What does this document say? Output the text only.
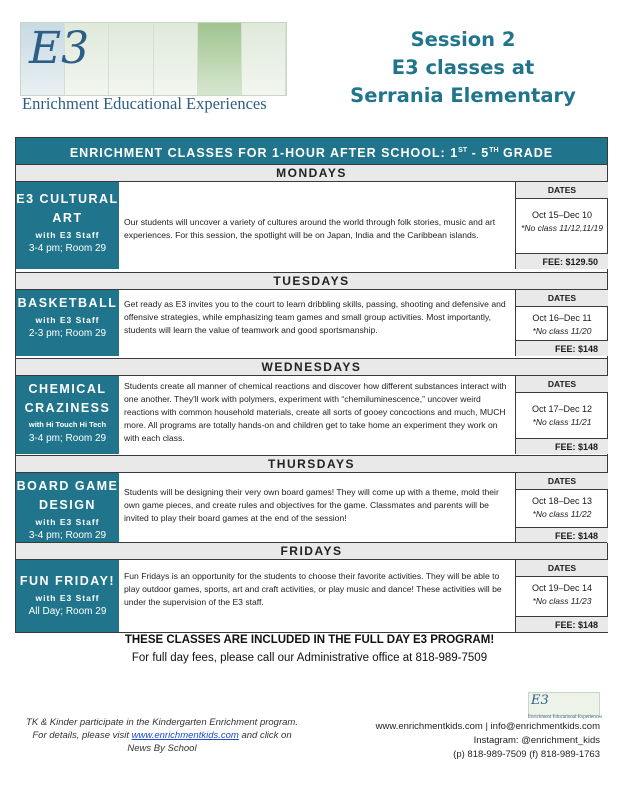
E3
Enrichment Educational Experiences
Session 2
E3 classes at
Serrania Elementary
ENRICHMENT CLASSES FOR 1-HOUR AFTER SCHOOL: 1ST - 5TH GRADE
MONDAYS
E3 CULTURAL
ART
with E3 Staff
3-4 pm; Room 29
Our students will uncover a variety of cultures around the world through folk stories, music and art experiences. For this session, the spotlight will be on Japan, India and the Caribbean islands.
DATES
Oct 15–Dec 10
*No class 11/12,11/19
FEE: $129.50
TUESDAYS
BASKETBALL
with E3 Staff
2-3 pm; Room 29
Get ready as E3 invites you to the court to learn dribbling skills, passing, shooting and defensive and offensive strategies, while emphasizing team games and small group activities. Most importantly, students will learn the value of teamwork and good sportsmanship.
DATES
Oct 16–Dec 11
*No class 11/20
FEE: $148
WEDNESDAYS
CHEMICAL
CRAZINESS
with Hi Touch Hi Tech
3-4 pm; Room 29
Students create all manner of chemical reactions and discover how different substances interact with one another. They'll work with polymers, experiment with “chemiluminescence,” uncover weird reactions with common household materials, create all sorts of gooey concoctions and much, MUCH more. All programs are totally hands-on and children get to take home an experiment they work on with each class.
DATES
Oct 17–Dec 12
*No class 11/21
FEE: $148
THURSDAYS
BOARD GAME
DESIGN
with E3 Staff
3-4 pm; Room 29
Students will be designing their very own board games! They will come up with a theme, mold their own game pieces, and create rules and objectives for the game. Classmates and parents will be invited to play their board games at the end of the session!
DATES
Oct 18–Dec 13
*No class 11/22
FEE: $148
FRIDAYS
FUN FRIDAY!
with E3 Staff
All Day; Room 29
Fun Fridays is an opportunity for the students to choose their favorite activities. They will be able to play outdoor games, sports, art and craft activities, or play music and dance! These activities will be under the supervision of the E3 staff.
DATES
Oct 19–Dec 14
*No class 11/23
FEE: $148
THESE CLASSES ARE INCLUDED IN THE FULL DAY E3 PROGRAM!
For full day fees, please call our Administrative office at 818-989-7509
TK & Kinder participate in the Kindergarten Enrichment program. For details, please visit www.enrichmentkids.com and click on News By School
E3
Enrichment Educational Experiences
www.enrichmentkids.com | info@enrichmentkids.com
Instagram: @enrichment_kids
(p) 818-989-7509 (f) 818-989-1763
